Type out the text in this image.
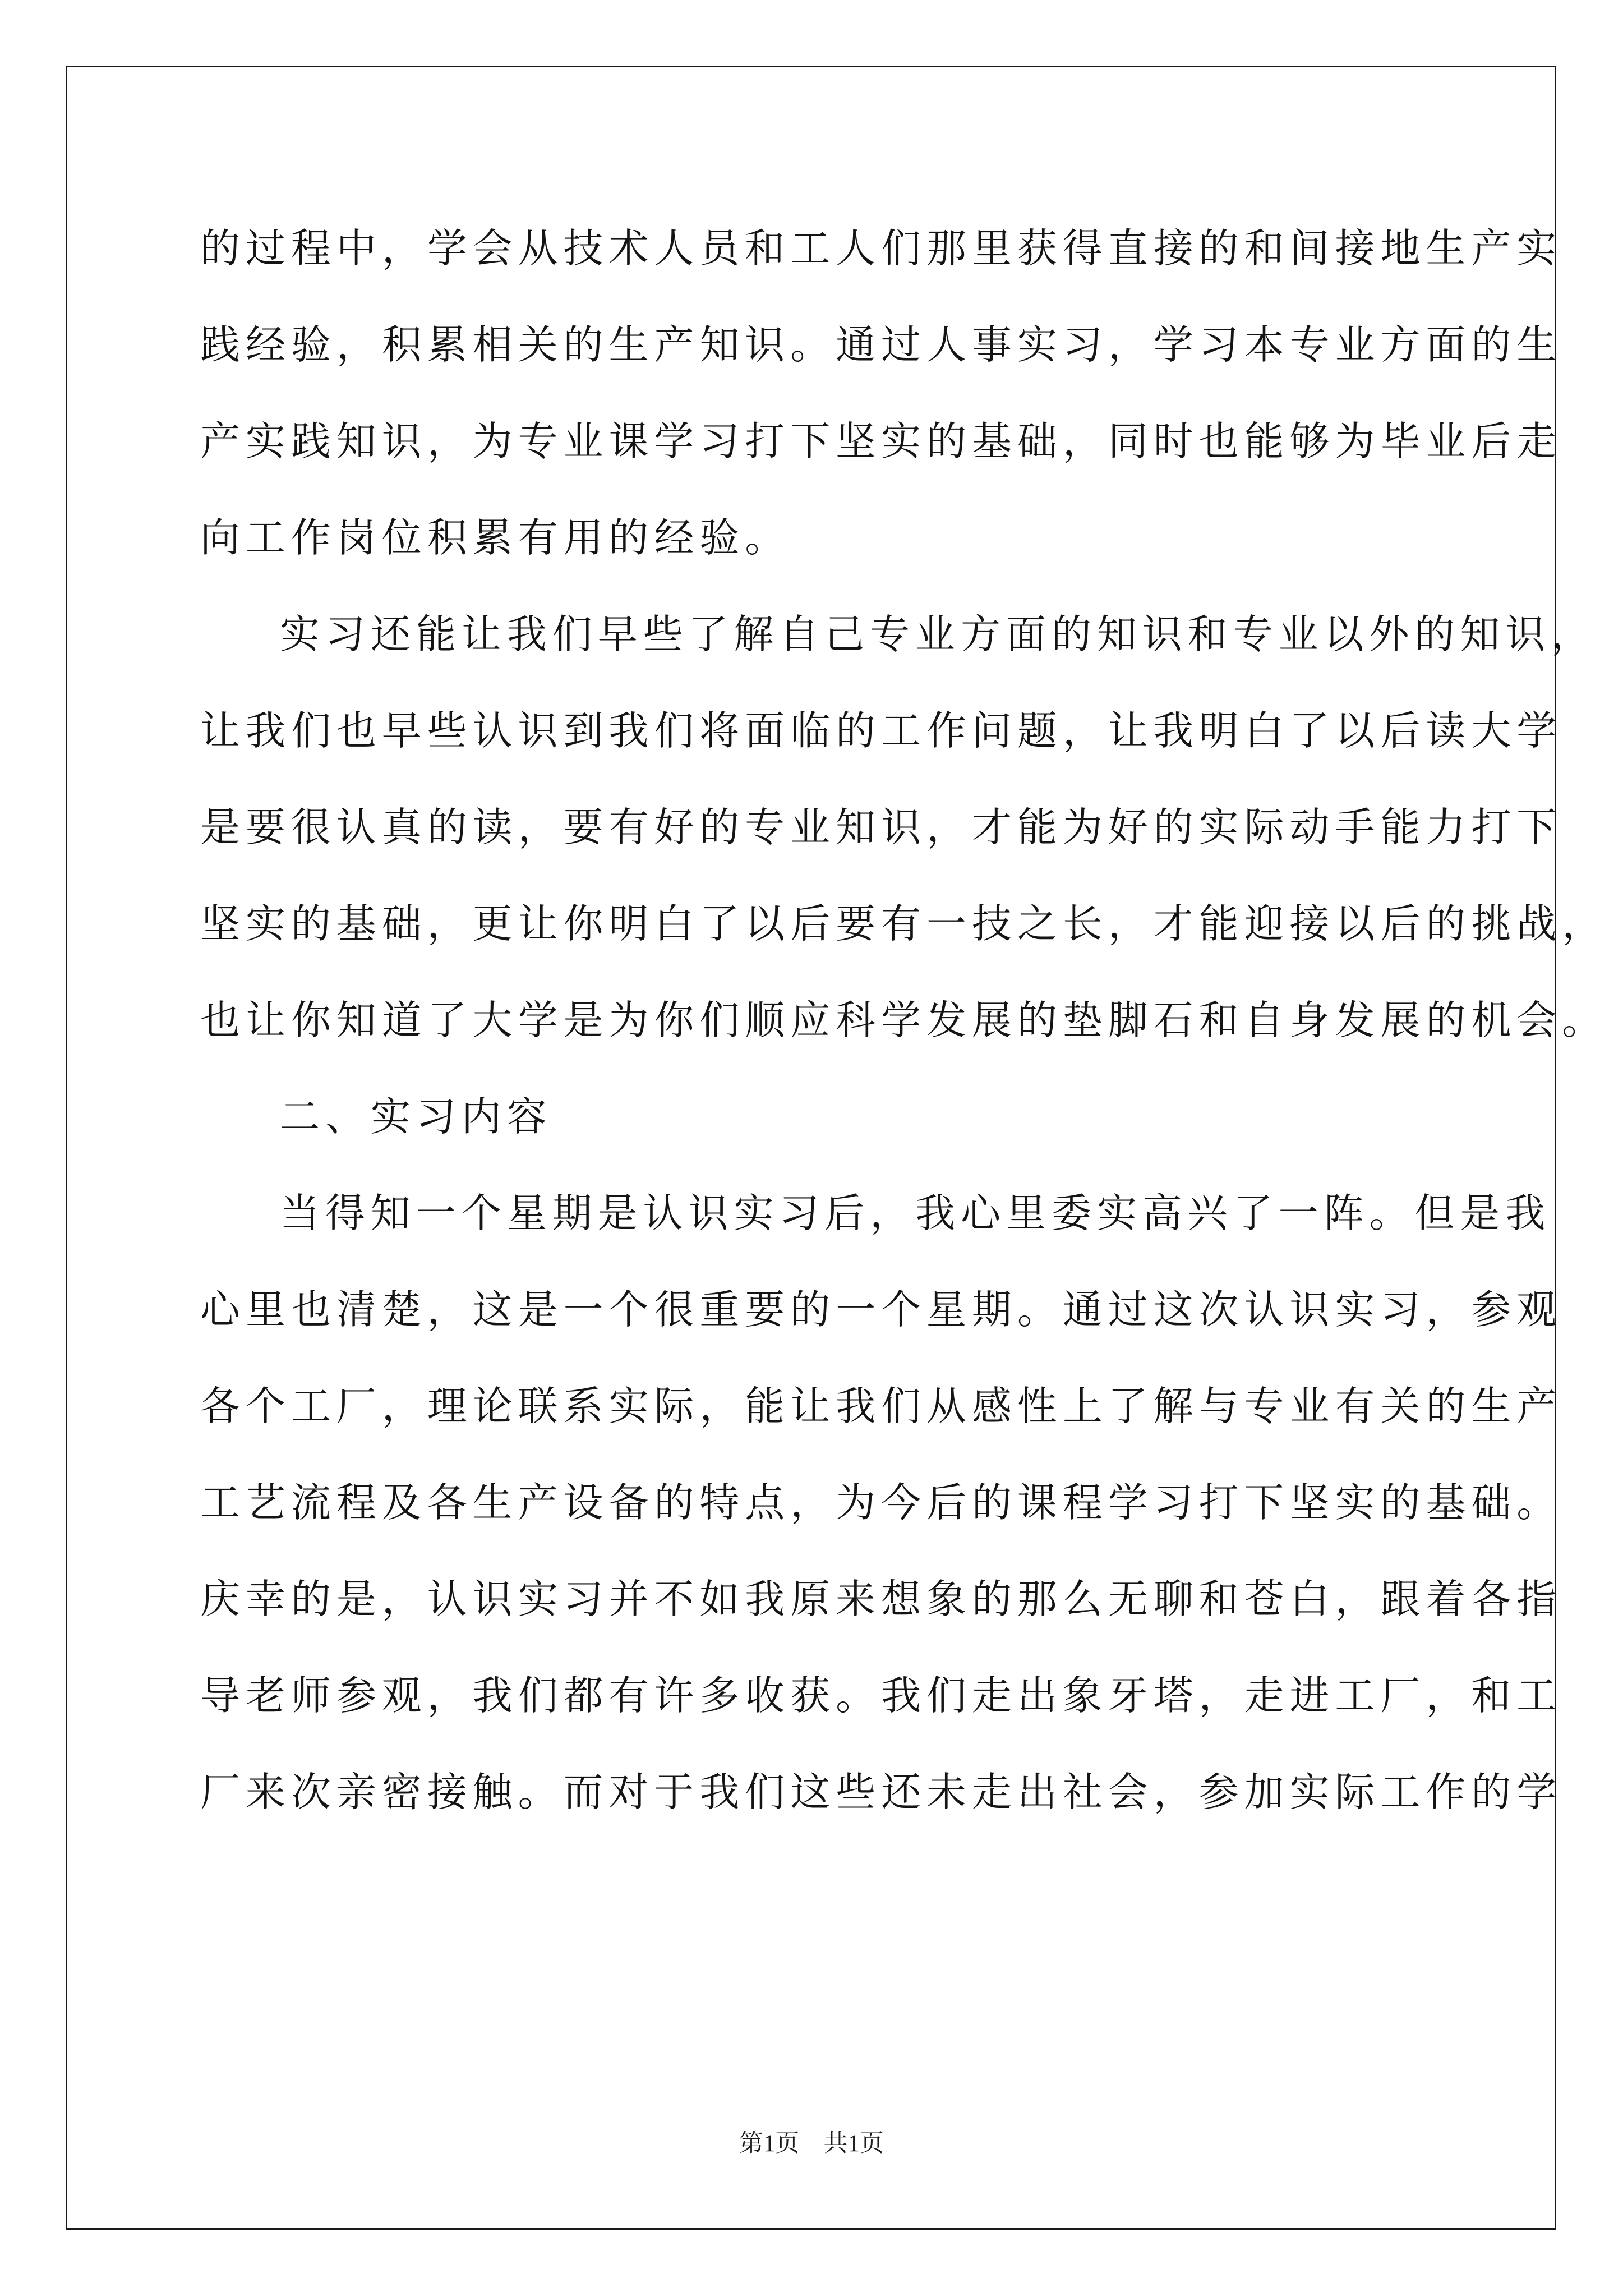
的过程中，学会从技术人员和工人们那里获得直接的和间接地生产实
践经验，积累相关的生产知识。通过人事实习，学习本专业方面的生
产实践知识，为专业课学习打下坚实的基础，同时也能够为毕业后走
向工作岗位积累有用的经验。
实习还能让我们早些了解自己专业方面的知识和专业以外的知识，
让我们也早些认识到我们将面临的工作问题，让我明白了以后读大学
是要很认真的读，要有好的专业知识，才能为好的实际动手能力打下
坚实的基础，更让你明白了以后要有一技之长，才能迎接以后的挑战，
也让你知道了大学是为你们顺应科学发展的垫脚石和自身发展的机会。
二、实习内容
当得知一个星期是认识实习后，我心里委实高兴了一阵。但是我
心里也清楚，这是一个很重要的一个星期。通过这次认识实习，参观
各个工厂，理论联系实际，能让我们从感性上了解与专业有关的生产
工艺流程及各生产设备的特点，为今后的课程学习打下坚实的基础。
庆幸的是，认识实习并不如我原来想象的那么无聊和苍白，跟着各指
导老师参观，我们都有许多收获。我们走出象牙塔，走进工厂，和工
厂来次亲密接触。而对于我们这些还未走出社会，参加实际工作的学
第1页　共1页
